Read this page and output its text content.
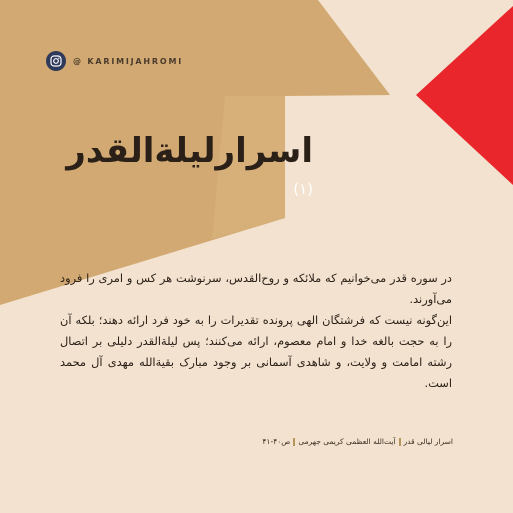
@ KARIMIJAHROMI
اسرارلیلةالقدر
(۱)

در سوره قدر می‌خوانیم که ملائکه و روح‌القدس، سرنوشت هر کس و امری را فرود می‌آورند.

این‌گونه نیست که فرشتگان الهی پرونده تقدیرات را به خود فرد ارائه دهند؛ بلکه آن را به حجت بالغه خدا و امام معصوم، ارائه می‌کنند؛ پس لیلة‌القدر دلیلی بر اتصال رشته امامت و ولایت، و شاهدی آسمانی بر وجود مبارک بقیة‌الله مهدی آل محمد است.

اسرار لیالی قدر
آیت‌الله العظمی کریمی جهرمی
ص۴۰-۴۱
